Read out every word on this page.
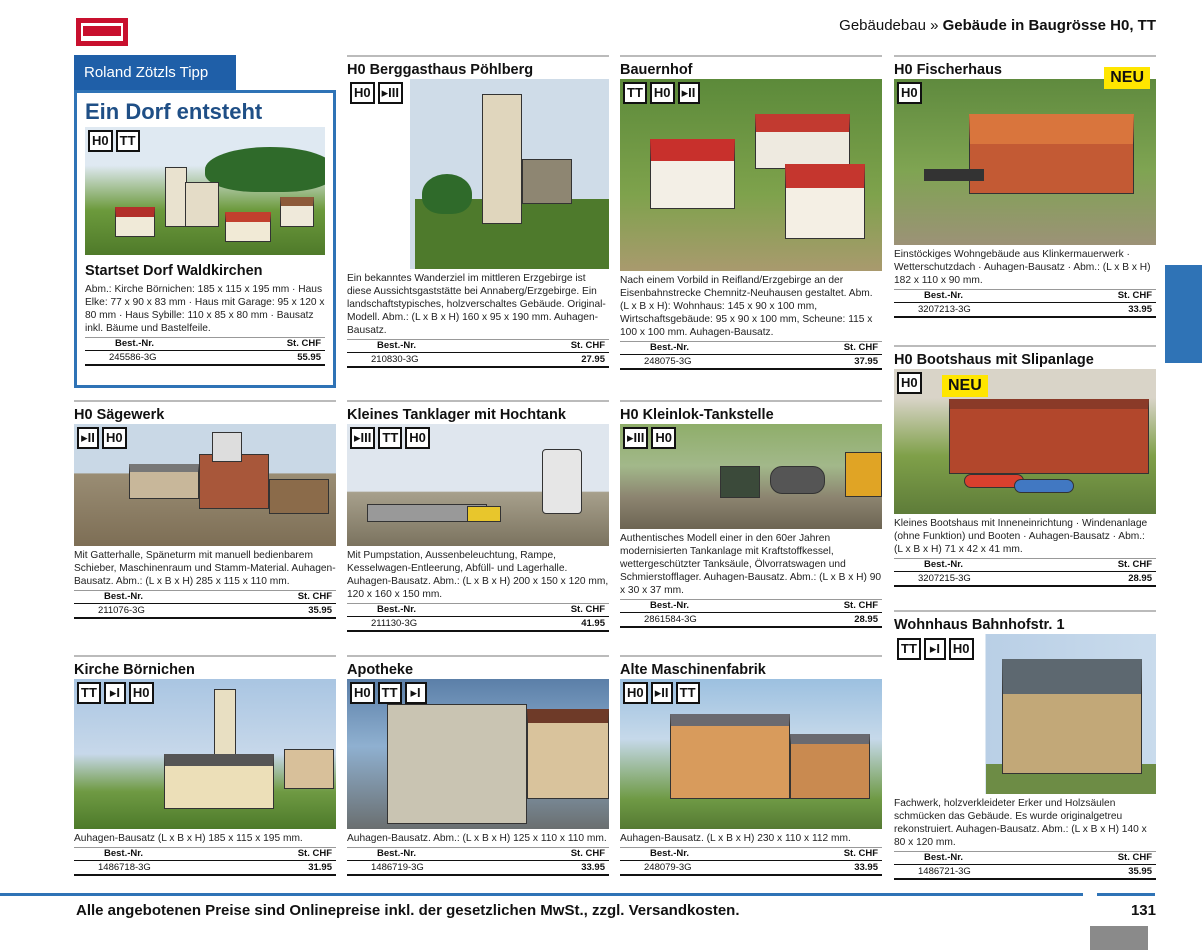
Gebäudebau » Gebäude in Baugrösse H0, TT
Roland Zötzls Tipp
Ein Dorf entsteht
H0 TT
Startset Dorf Waldkirchen
Abm.: Kirche Börnichen: 185 x 115 x 195 mm · Haus Elke: 77 x 90 x 83 mm · Haus mit Garage: 95 x 120 x 80 mm · Haus Sybille: 110 x 85 x 80 mm · Bausatz inkl. Bäume und Bastelfeile.
Best.-Nr.	St. CHF
245586-3G	55.95
H0 Sägewerk
▸II H0
Mit Gatterhalle, Späneturm mit manuell bedienbarem Schieber, Maschinenraum und Stamm-Material. Auhagen-Bausatz. Abm.: (L x B x H) 285 x 115 x 110 mm.
Best.-Nr.	St. CHF
211076-3G	35.95
Kirche Börnichen
TT ▸I H0
Auhagen-Bausatz (L x B x H) 185 x 115 x 195 mm.
Best.-Nr.	St. CHF
1486718-3G	31.95
H0 Berggasthaus Pöhlberg
H0 ▸III
Ein bekanntes Wanderziel im mittleren Erzgebirge ist diese Aussichtsgaststätte bei Annaberg/Erzgebirge. Ein landschaftstypisches, holzverschaltes Gebäude. Original-Modell. Abm.: (L x B x H) 160 x 95 x 190 mm. Auhagen-Bausatz.
Best.-Nr.	St. CHF
210830-3G	27.95
Kleines Tanklager mit Hochtank
▸III TT H0
Mit Pumpstation, Aussenbeleuchtung, Rampe, Kesselwagen-Entleerung, Abfüll- und Lagerhalle. Auhagen-Bausatz. Abm.: (L x B x H) 200 x 150 x 120 mm, 120 x 160 x 150 mm.
Best.-Nr.	St. CHF
211130-3G	41.95
Apotheke
H0 TT ▸I
Auhagen-Bausatz. Abm.: (L x B x H) 125 x 110 x 110 mm.
Best.-Nr.	St. CHF
1486719-3G	33.95
Bauernhof
TT H0 ▸II
Nach einem Vorbild in Reifland/Erzgebirge an der Eisenbahnstrecke Chemnitz-Neuhausen gestaltet. Abm. (L x B x H): Wohnhaus: 145 x 90 x 100 mm, Wirtschaftsgebäude: 95 x 90 x 100 mm, Scheune: 115 x 100 x 100 mm. Auhagen-Bausatz.
Best.-Nr.	St. CHF
248075-3G	37.95
H0 Kleinlok-Tankstelle
▸III H0
Authentisches Modell einer in den 60er Jahren modernisierten Tankanlage mit Kraftstoffkessel, wettergeschützter Tanksäule, Ölvorratswagen und Schmierstofflager. Auhagen-Bausatz. Abm.: (L x B x H) 90 x 30 x 37 mm.
Best.-Nr.	St. CHF
2861584-3G	28.95
Alte Maschinenfabrik
H0 ▸II TT
Auhagen-Bausatz. (L x B x H) 230 x 110 x 112 mm.
Best.-Nr.	St. CHF
248079-3G	33.95
H0 Fischerhaus	NEU
H0
Einstöckiges Wohngebäude aus Klinkermauerwerk · Wetterschutzdach · Auhagen-Bausatz · Abm.: (L x B x H) 182 x 110 x 90 mm.
Best.-Nr.	St. CHF
3207213-3G	33.95
H0 Bootshaus mit Slipanlage
H0	NEU
Kleines Bootshaus mit Inneneinrichtung · Windenanlage (ohne Funktion) und Booten · Auhagen-Bausatz · Abm.: (L x B x H) 71 x 42 x 41 mm.
Best.-Nr.	St. CHF
3207215-3G	28.95
Wohnhaus Bahnhofstr. 1
TT ▸I H0
Fachwerk, holzverkleideter Erker und Holzsäulen schmücken das Gebäude. Es wurde originalgetreu rekonstruiert. Auhagen-Bausatz. Abm.: (L x B x H) 140 x 80 x 120 mm.
Best.-Nr.	St. CHF
1486721-3G	35.95
Alle angebotenen Preise sind Onlinepreise inkl. der gesetzlichen MwSt., zzgl. Versandkosten.	131
